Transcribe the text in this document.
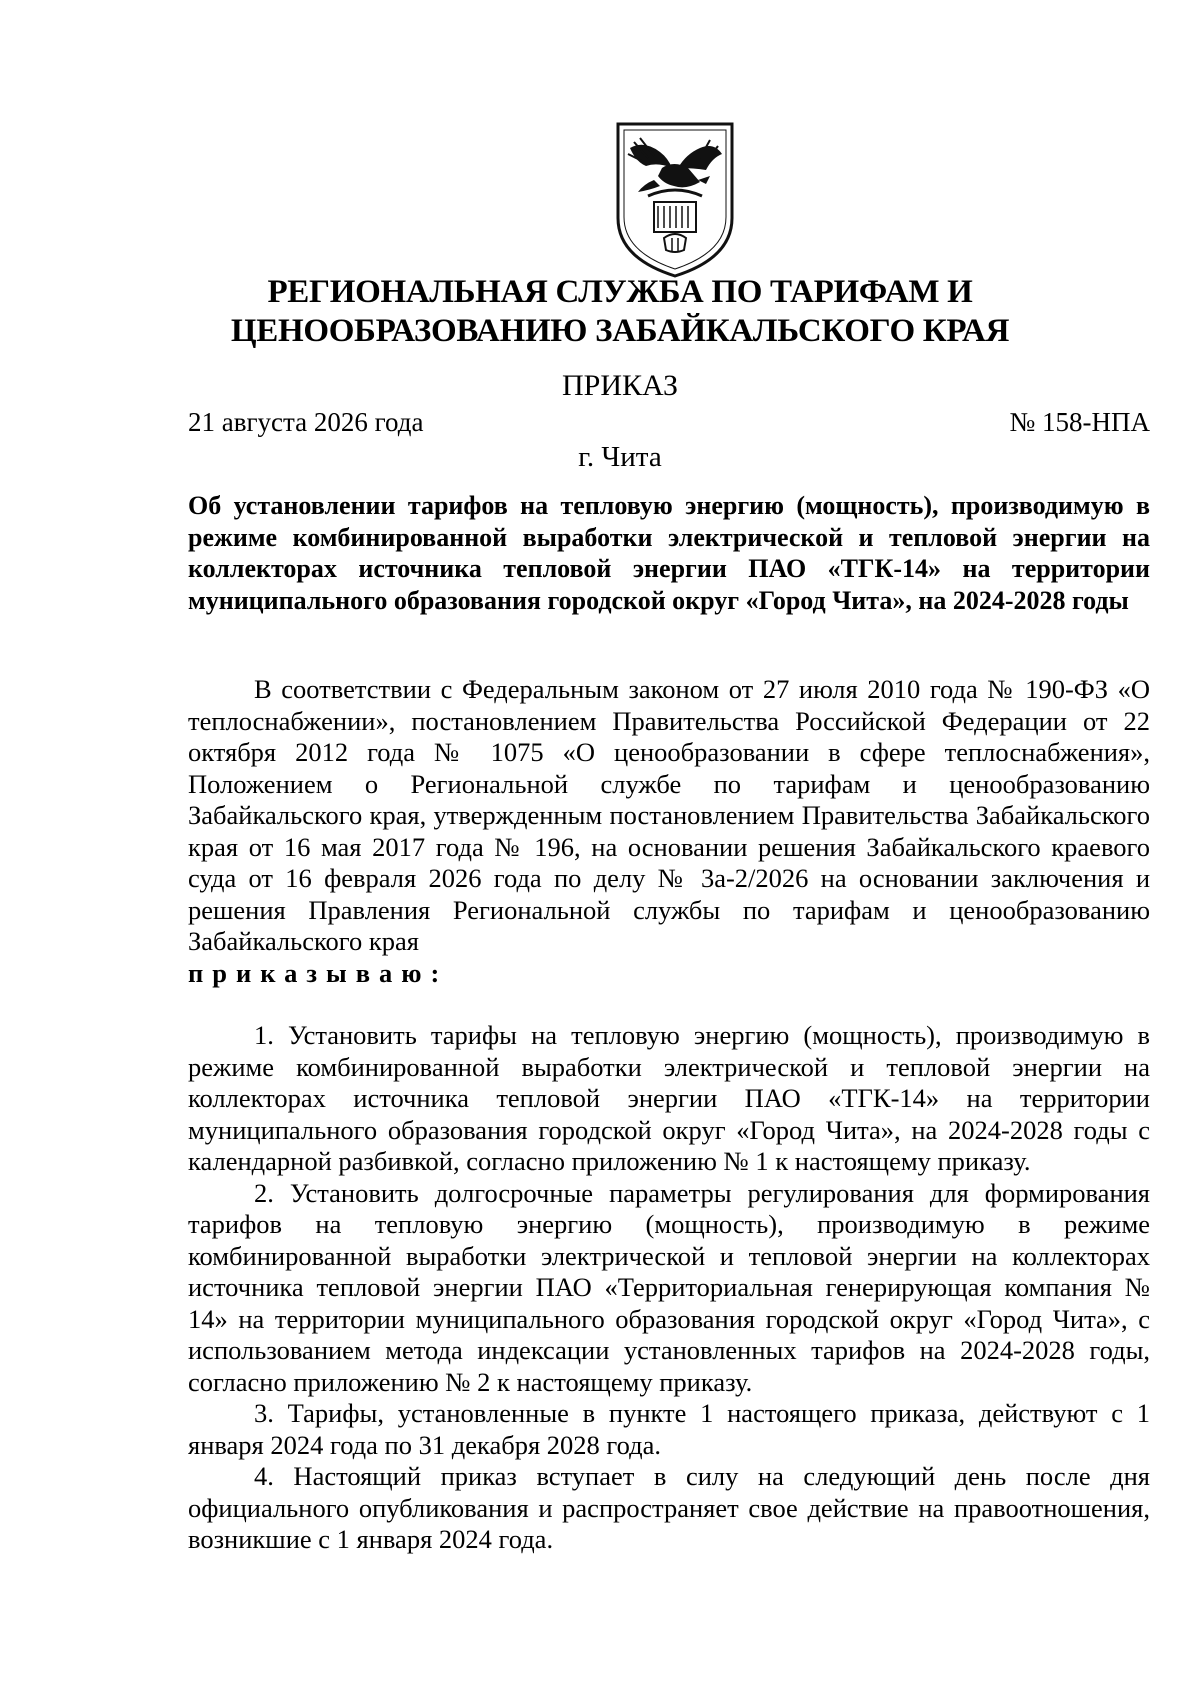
РЕГИОНАЛЬНАЯ СЛУЖБА ПО ТАРИФАМ И
ЦЕНООБРАЗОВАНИЮ ЗАБАЙКАЛЬСКОГО КРАЯ
ПРИКАЗ
21 августа 2026 года	№ 158-НПА
г. Чита
Об установлении тарифов на тепловую энергию (мощность), производимую в режиме комбинированной выработки электрической и тепловой энергии на коллекторах источника тепловой энергии ПАО «ТГК-14» на территории муниципального образования городской округ «Город Чита», на 2024-2028 годы

В соответствии с Федеральным законом от 27 июля 2010 года № 190-ФЗ «О теплоснабжении», постановлением Правительства Российской Федерации от 22 октября 2012 года № 1075 «О ценообразовании в сфере теплоснабжения», Положением о Региональной службе по тарифам и ценообразованию Забайкальского края, утвержденным постановлением Правительства Забайкальского края от 16 мая 2017 года № 196, на основании решения Забайкальского краевого суда от 16 февраля 2026 года по делу № 3а-2/2026 на основании заключения и решения Правления Региональной службы по тарифам и ценообразованию Забайкальского края

приказываю:

1. Установить тарифы на тепловую энергию (мощность), производимую в режиме комбинированной выработки электрической и тепловой энергии на коллекторах источника тепловой энергии ПАО «ТГК-14» на территории муниципального образования городской округ «Город Чита», на 2024-2028 годы с календарной разбивкой, согласно приложению № 1 к настоящему приказу.

2. Установить долгосрочные параметры регулирования для формирования тарифов на тепловую энергию (мощность), производимую в режиме комбинированной выработки электрической и тепловой энергии на коллекторах источника тепловой энергии ПАО «Территориальная генерирующая компания № 14» на территории муниципального образования городской округ «Город Чита», с использованием метода индексации установленных тарифов на 2024-2028 годы, согласно приложению № 2 к настоящему приказу.

3. Тарифы, установленные в пункте 1 настоящего приказа, действуют с 1 января 2024 года по 31 декабря 2028 года.

4. Настоящий приказ вступает в силу на следующий день после дня официального опубликования и распространяет свое действие на правоотношения, возникшие с 1 января 2024 года.
